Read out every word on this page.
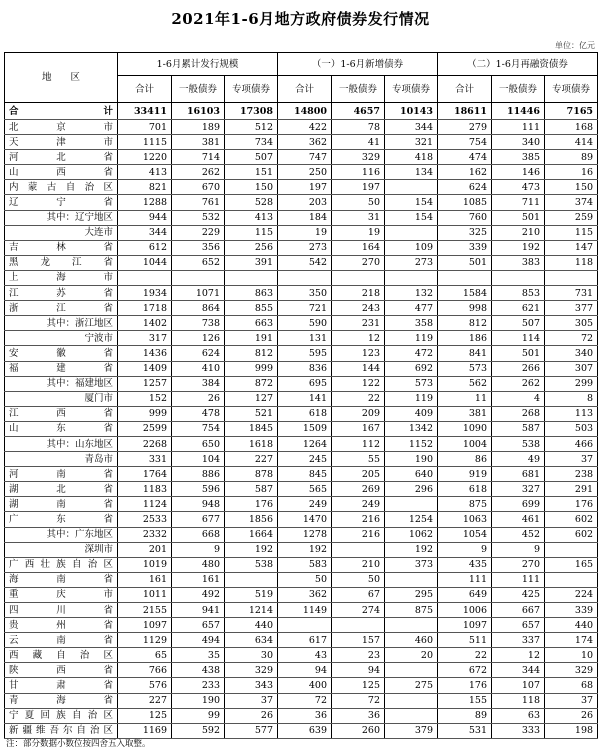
2021年1-6月地方政府债券发行情况
单位：亿元
地　　区	1-6月累计发行规模			（一）1-6月新增债券			（二）1-6月再融资债券		
	合计	一般债券	专项债券	合计	一般债券	专项债券	合计	一般债券	专项债券
合　　　　　　　　计	33411	16103	17308	14800	4657	10143	18611	11446	7165
北京市	701	189	512	422	78	344	279	111	168
天津市	1115	381	734	362	41	321	754	340	414
河北省	1220	714	507	747	329	418	474	385	89
山西省	413	262	151	250	116	134	162	146	16
内蒙古自治区	821	670	150	197	197		624	473	150
辽宁省	1288	761	528	203	50	154	1085	711	374
其中：辽宁地区	944	532	413	184	31	154	760	501	259
大连市	344	229	115	19	19		325	210	115
吉林省	612	356	256	273	164	109	339	192	147
黑龙江省	1044	652	391	542	270	273	501	383	118
上海市									
江苏省	1934	1071	863	350	218	132	1584	853	731
浙江省	1718	864	855	721	243	477	998	621	377
其中：浙江地区	1402	738	663	590	231	358	812	507	305
宁波市	317	126	191	131	12	119	186	114	72
安徽省	1436	624	812	595	123	472	841	501	340
福建省	1409	410	999	836	144	692	573	266	307
其中：福建地区	1257	384	872	695	122	573	562	262	299
厦门市	152	26	127	141	22	119	11	4	8
江西省	999	478	521	618	209	409	381	268	113
山东省	2599	754	1845	1509	167	1342	1090	587	503
其中：山东地区	2268	650	1618	1264	112	1152	1004	538	466
青岛市	331	104	227	245	55	190	86	49	37
河南省	1764	886	878	845	205	640	919	681	238
湖北省	1183	596	587	565	269	296	618	327	291
湖南省	1124	948	176	249	249		875	699	176
广东省	2533	677	1856	1470	216	1254	1063	461	602
其中：广东地区	2332	668	1664	1278	216	1062	1054	452	602
深圳市	201	9	192	192		192	9	9	
广西壮族自治区	1019	480	538	583	210	373	435	270	165
海南省	161	161		50	50		111	111	
重庆市	1011	492	519	362	67	295	649	425	224
四川省	2155	941	1214	1149	274	875	1006	667	339
贵州省	1097	657	440				1097	657	440
云南省	1129	494	634	617	157	460	511	337	174
西藏自治区	65	35	30	43	23	20	22	12	10
陕西省	766	438	329	94	94		672	344	329
甘肃省	576	233	343	400	125	275	176	107	68
青海省	227	190	37	72	72		155	118	37
宁夏回族自治区	125	99	26	36	36		89	63	26
新疆维吾尔自治区	1169	592	577	639	260	379	531	333	198
注：部分数据小数位按四舍五入取整。
